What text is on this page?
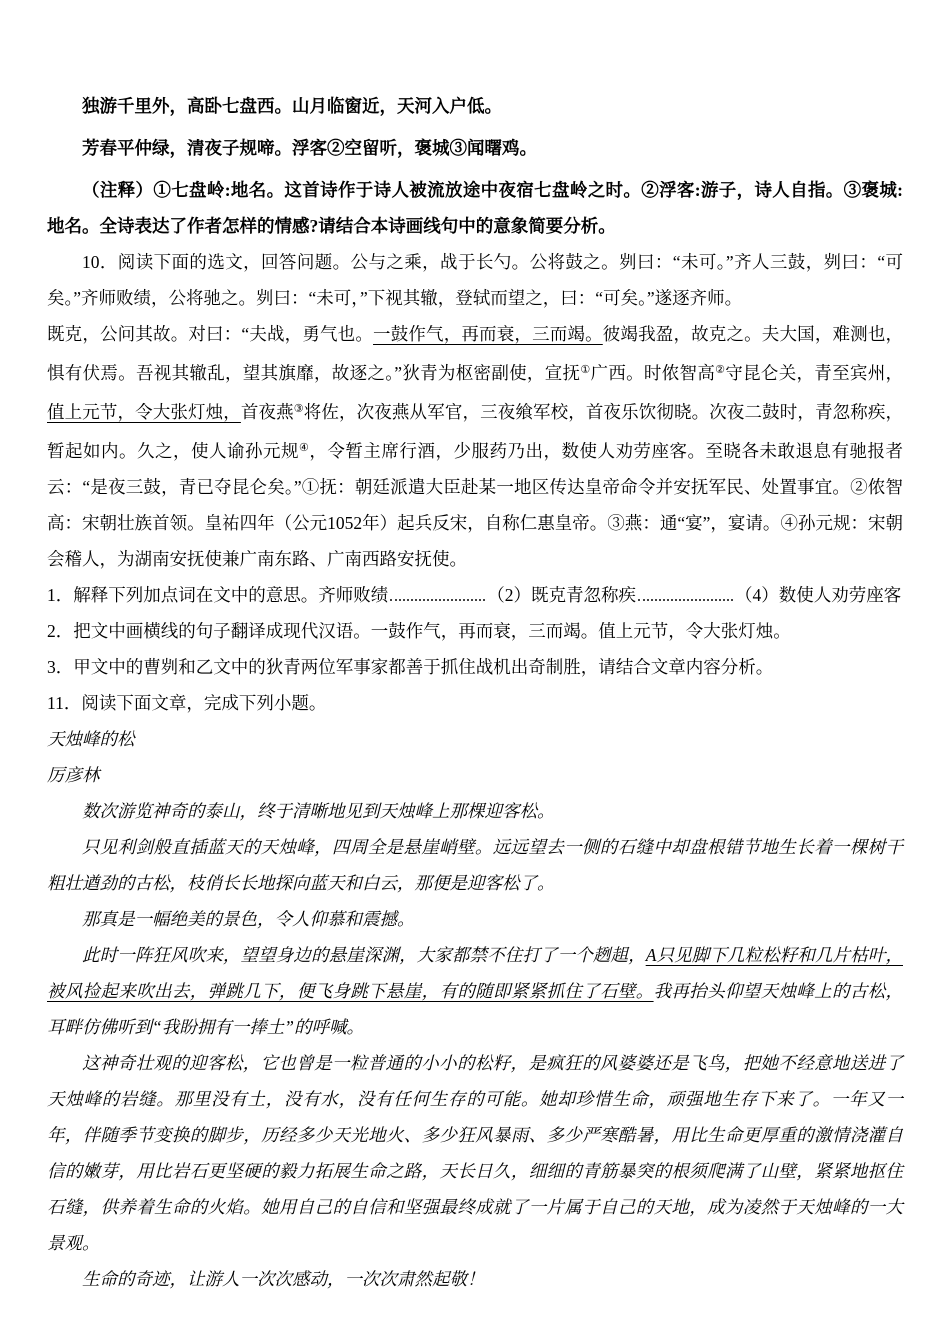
独游千里外，高卧七盘西。山月临窗近，天河入户低。

芳春平仲绿，清夜子规啼。浮客②空留听，褒城③闻曙鸡。

（注释）①七盘岭:地名。这首诗作于诗人被流放途中夜宿七盘岭之时。②浮客:游子，诗人自指。③褒城:地名。全诗表达了作者怎样的情感?请结合本诗画线句中的意象简要分析。

10．阅读下面的选文，回答问题。公与之乘，战于长勺。公将鼓之。刿曰：“未可。”齐人三鼓，刿曰：“可矣。”齐师败绩，公将驰之。刿曰：“未可，”下视其辙，登轼而望之，曰：“可矣。”遂逐齐师。

既克，公问其故。对曰：“夫战，勇气也。一鼓作气，再而衰，三而竭。彼竭我盈，故克之。夫大国，难测也，惧有伏焉。吾视其辙乱，望其旗靡，故逐之。”狄青为枢密副使，宣抚①广西。时侬智高②守昆仑关，青至宾州，值上元节，令大张灯烛，首夜燕③将佐，次夜燕从军官，三夜飨军校，首夜乐饮彻晓。次夜二鼓时，青忽称疾，暂起如内。久之，使人谕孙元规④，令暂主席行酒，少服药乃出，数使人劝劳座客。至晓各未敢退息有驰报者云：“是夜三鼓，青已夺昆仑矣。”①抚：朝廷派遣大臣赴某一地区传达皇帝命令并安抚军民、处置事宜。②侬智高：宋朝壮族首领。皇祐四年（公元1052年）起兵反宋，自称仁惠皇帝。③燕：通“宴”，宴请。④孙元规：宋朝会稽人，为湖南安抚使兼广南东路、广南西路安抚使。

1．解释下列加点词在文中的意思。齐师败绩	（2）既克青忽称疾	（4）数使人劝劳座客

2．把文中画横线的句子翻译成现代汉语。一鼓作气，再而衰，三而竭。值上元节，令大张灯烛。

3．甲文中的曹刿和乙文中的狄青两位军事家都善于抓住战机出奇制胜，请结合文章内容分析。

11．阅读下面文章，完成下列小题。

天烛峰的松

厉彦林

数次游览神奇的泰山，终于清晰地见到天烛峰上那棵迎客松。

只见利剑般直插蓝天的天烛峰，四周全是悬崖峭壁。远远望去一侧的石缝中却盘根错节地生长着一棵树干粗壮遒劲的古松，枝俏长长地探向蓝天和白云，那便是迎客松了。

那真是一幅绝美的景色，令人仰慕和震撼。

此时一阵狂风吹来，望望身边的悬崖深渊，大家都禁不住打了一个趔趄，A只见脚下几粒松籽和几片枯叶，被风捡起来吹出去，弹跳几下，便飞身跳下悬崖，有的随即紧紧抓住了石壁。我再抬头仰望天烛峰上的古松，耳畔仿佛听到“我盼拥有一捧土”的呼喊。

这神奇壮观的迎客松，它也曾是一粒普通的小小的松籽，是疯狂的风婆婆还是飞鸟，把她不经意地送进了天烛峰的岩缝。那里没有土，没有水，没有任何生存的可能。她却珍惜生命，顽强地生存下来了。一年又一年，伴随季节变换的脚步，历经多少天光地火、多少狂风暴雨、多少严寒酷暑，用比生命更厚重的激情浇灌自信的嫩芽，用比岩石更坚硬的毅力拓展生命之路，天长日久，细细的青筋暴突的根须爬满了山壁，紧紧地抠住石缝，供养着生命的火焰。她用自己的自信和坚强最终成就了一片属于自己的天地，成为凌然于天烛峰的一大景观。

生命的奇迹，让游人一次次感动，一次次肃然起敬！
